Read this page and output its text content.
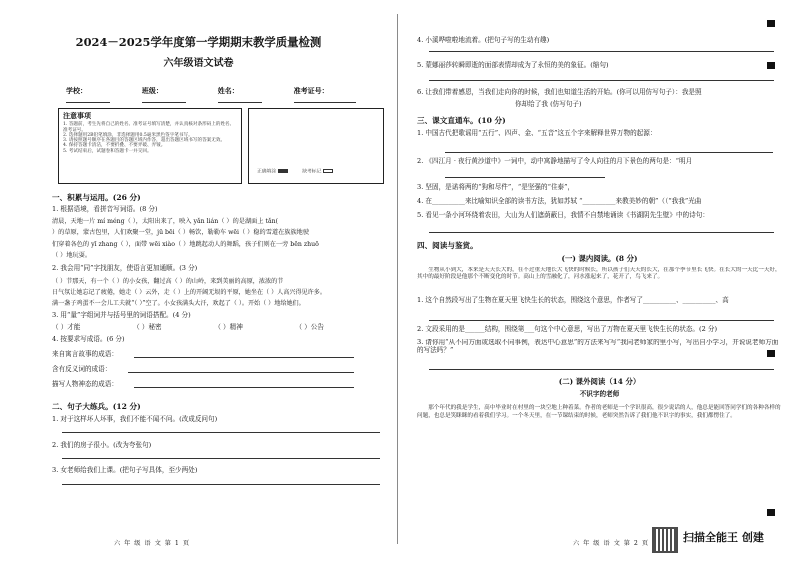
2024－2025学年度第一学期期末教学质量检测
六年级语文试卷
学校：	班级：	姓名：	准考证号：
注意事项
1. 答题前，考生先将自己的姓名、准考证号填写清楚，并认真核对条形码上的姓名、准考证号。
2. 选择题用2B铅笔填涂，非选择题用0.5毫米黑色签字笔书写。
3. 请按照题号顺序在各题目的答题区域内作答，超出答题区域书写的答案无效。
4. 保持答题卡清洁，不要折叠、不要弄破、弄皱。
5. 考试结束后，试题卷和答题卡一并交回。
正确填涂	缺考标记
一、积累与运用。(26 分)
1. 根据语境，看拼音写词语。(8 分)
清晨，天地一片 mí méng（ ），太阳出来了，映入 yǎn lián（ ）的是湖面上 tǎn(
）的草原，蒙古包里，人们欢聚一堂，jū bēi（ ）畅饮，勒勒车 wēi（ ）稳的雪道在族族地驶
们穿着各色的 yī zhang（ ），面带 wēi xiào（ ）地跳起动人的舞蹈，孩子们则在一旁 bēn zhuō
（ ）地玩耍。
2. 我会用“同”字找朋友，使语言更加通顺。(3 分)
（ ）节那天，有一个（ ）的小女孩，翻过高（ ）的山岭，来到美丽的高原，浓浓的节
日气氛让她忘记了疲倦，她走（ ）云外，走（ ）上的开阔无垠的平原，她坐在（ ）人高兴得见许多。
满一盏子鸡蛋不一会儿工夫就“（ ）”空了。小女孩满头大汗，欢起了（ ）。开始（ ）地给她们。
3. 用“量”字组词并与括号里的词语搭配。(4 分)
（ ）才能	（ ）秘密	（ ）精神	（ ）公告
4. 按要求写成语。(6 分)
来自寓言故事的成语：
含有反义词的成语：
描写人物神态的成语：
二、句子大练兵。(12 分)
1. 对于这样坏人坏事，我们不能不闻不问。(改成反问句)
2. 我们的房子很小。(改为夸张句)
3. 女老师给我们上课。(把句子写具体，至少两处)
六 年 级 语 文 第 1 页
4. 小溪哗啦啦地流着。(把句子写的生动有趣)
5. 蒙娜丽莎转瞬即逝的面部表情却成为了永恒的美的象征。(缩句)
6. 让我们带着感恩，当我们走向你的时候，我们也知道生活的开始。(你可以用仿写句子）：我是照
你却给了我 (仿写句子)
三、课文直通车。(10 分)
1. 中国古代把歌谣用“五行”、四声、金、“五音”这五个字来解释世界万物的起源：
2. 《四江月 · 夜行黄沙道中》一词中，动中寓静地描写了令人向往的月下景色的两句是：“明月
3. 坚固，是诺将两的“狗和尽件”，“是坚强的“住泰”，
4. 在__________来比喻知识全部的读书方法，犹如苏轼 “__________来教美妙的朝”（（“我我”光曲
5. 看见一条小河环绕着农田，大山为人们遮荫蔽日，我情不自禁地诵读《书湖阴先生壁》中的诗句：
四、阅读与鉴赏。
(一) 课内阅读。(8 分)
生物从小到大，本来是天天长大的，在不过重天地长大飞快的时候长，所以孩子们天天的长大，在那个季节里长飞快。在长大的一天比一天好，其中的最好阶段是他那个不断变化的时节。高山上的雪融化了，河水涨起来了，花开了，鸟飞来了。
1. 这个自然段写出了生物在夏天里飞快生长的状态，围绕这个意思，作者写了__________、__________、高
2. 文段采用的是______结构，围绕第___句这个中心意思，写出了万物在夏天里飞快生长的状态。(2 分)
3. 请你用“从不同方面或选取不同事例，表达中心意思”的方法来写写“我同老师家的里小写，写出自小学习，并说说老师方面的写法吗？”
(二) 课外阅读（14 分）
不识字的老师
那个年代的我是学生，高中毕业时在村里的一块空地上种着菜。作者的老师是一个学识很高，很少说话的人，他总是能回答同学们的各种各样的问题，也总是笑眯眯的看着我们学习。一个冬天里，在一节课结束的时候，老师突然告诉了我们他不识字的事实，我们都愣住了。
六 年 级 语 文 第 2 页	扫描全能王 创建
